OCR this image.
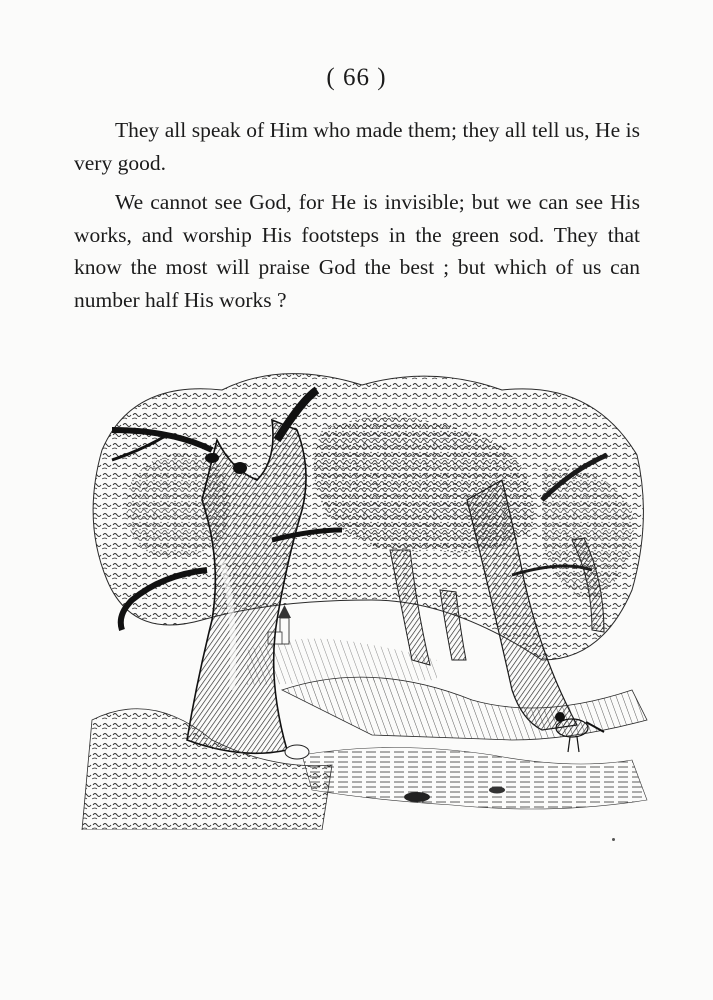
( 66 )

They all speak of Him who made them; they all tell us, He is very good.

We cannot see God, for He is invisible; but we can see His works, and worship His footsteps in the green sod. They that know the most will praise God the best ; but which of us can number half His works ?
